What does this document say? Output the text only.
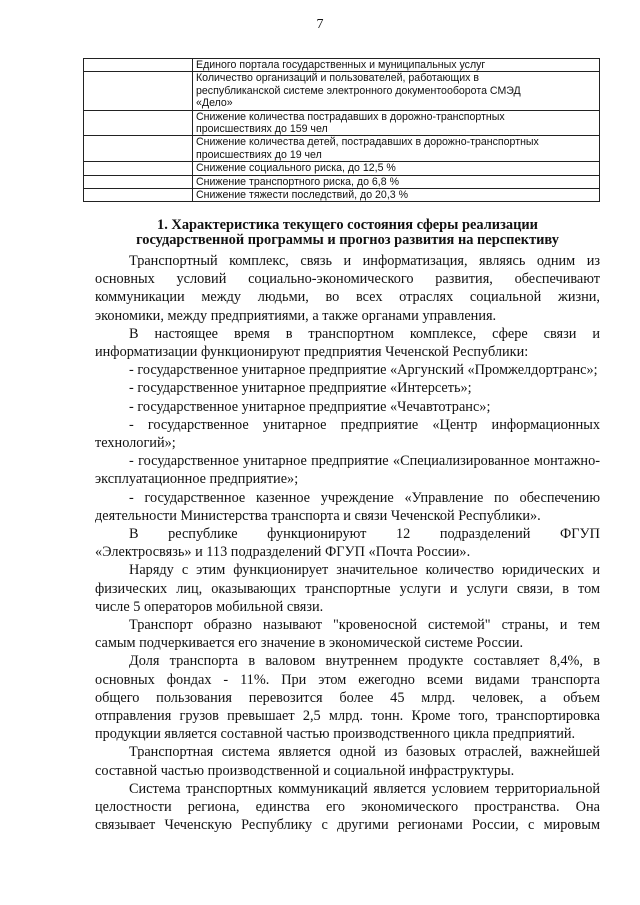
7

	Единого портала государственных и муниципальных услуг

	Количество организаций и пользователей, работающих в
республиканской системе электронного документооборота СМЭД
«Дело»

	Снижение количества пострадавших в дорожно-транспортных
происшествиях до 159 чел

	Снижение количества детей, пострадавших в дорожно-транспортных
происшествиях до 19 чел

	Снижение социального риска, до 12,5 %

	Снижение транспортного риска, до 6,8 %

	Снижение тяжести последствий, до 20,3 %
1. Характеристика текущего состояния сферы реализации
государственной программы и прогноз развития на перспективу
Транспортный комплекс, связь и информатизация, являясь одним из
основных условий социально-экономического развития, обеспечивают
коммуникации между людьми, во всех отраслях социальной жизни,
экономики, между предприятиями, а также органами управления.
В настоящее время в транспортном комплексе, сфере связи и
информатизации функционируют предприятия Чеченской Республики:
- государственное унитарное предприятие «Аргунский «Промжелдортранс»;
- государственное унитарное предприятие «Интерсеть»;
- государственное унитарное предприятие «Чечавтотранс»;
- государственное унитарное предприятие «Центр информационных
технологий»;
- государственное унитарное предприятие «Специализированное монтажно-
эксплуатационное предприятие»;
- государственное казенное учреждение «Управление по обеспечению
деятельности Министерства транспорта и связи Чеченской Республики».
В республике функционируют 12 подразделений ФГУП
«Электросвязь» и 113 подразделений ФГУП «Почта России».
Наряду с этим функционирует значительное количество юридических и
физических лиц, оказывающих транспортные услуги и услуги связи, в том
числе 5 операторов мобильной связи.
Транспорт образно называют "кровеносной системой" страны, и тем
самым подчеркивается его значение в экономической системе России.
Доля транспорта в валовом внутреннем продукте составляет 8,4%, в
основных фондах - 11%. При этом ежегодно всеми видами транспорта
общего пользования перевозится более 45 млрд. человек, а объем
отправления грузов превышает 2,5 млрд. тонн. Кроме того, транспортировка
продукции является составной частью производственного цикла предприятий.
Транспортная система является одной из базовых отраслей, важнейшей
составной частью производственной и социальной инфраструктуры.
Система транспортных коммуникаций является условием территориальной
целостности региона, единства его экономического пространства. Она
связывает Чеченскую Республику с другими регионами России, с мировым
